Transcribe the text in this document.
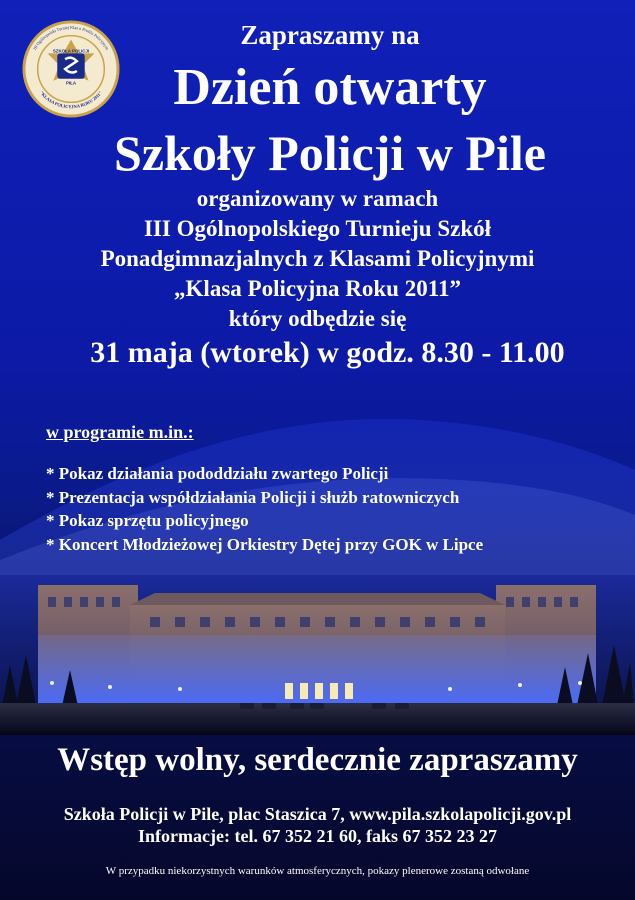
SZKOŁA POLICJI
PIŁA
III Ogólnopolski Turniej Klas o Profilu Policyjnym
"KLASA POLICYJNA ROKU 2011"
Zapraszamy na
Dzień otwarty
Szkoły Policji w Pile
organizowany w ramach
III Ogólnopolskiego Turnieju Szkół
Ponadgimnazjalnych z Klasami Policyjnymi
„Klasa Policyjna Roku 2011”
który odbędzie się
31 maja (wtorek) w godz. 8.30 - 11.00
w programie m.in.:
* Pokaz działania pododdziału zwartego Policji
* Prezentacja współdziałania Policji i służb ratowniczych
* Pokaz sprzętu policyjnego
* Koncert Młodzieżowej Orkiestry Dętej przy GOK w Lipce
Wstęp wolny, serdecznie zapraszamy
Szkoła Policji w Pile, plac Staszica 7, www.pila.szkolapolicji.gov.pl
Informacje: tel. 67 352 21 60, faks 67 352 23 27
W przypadku niekorzystnych warunków atmosferycznych, pokazy plenerowe zostaną odwołane
